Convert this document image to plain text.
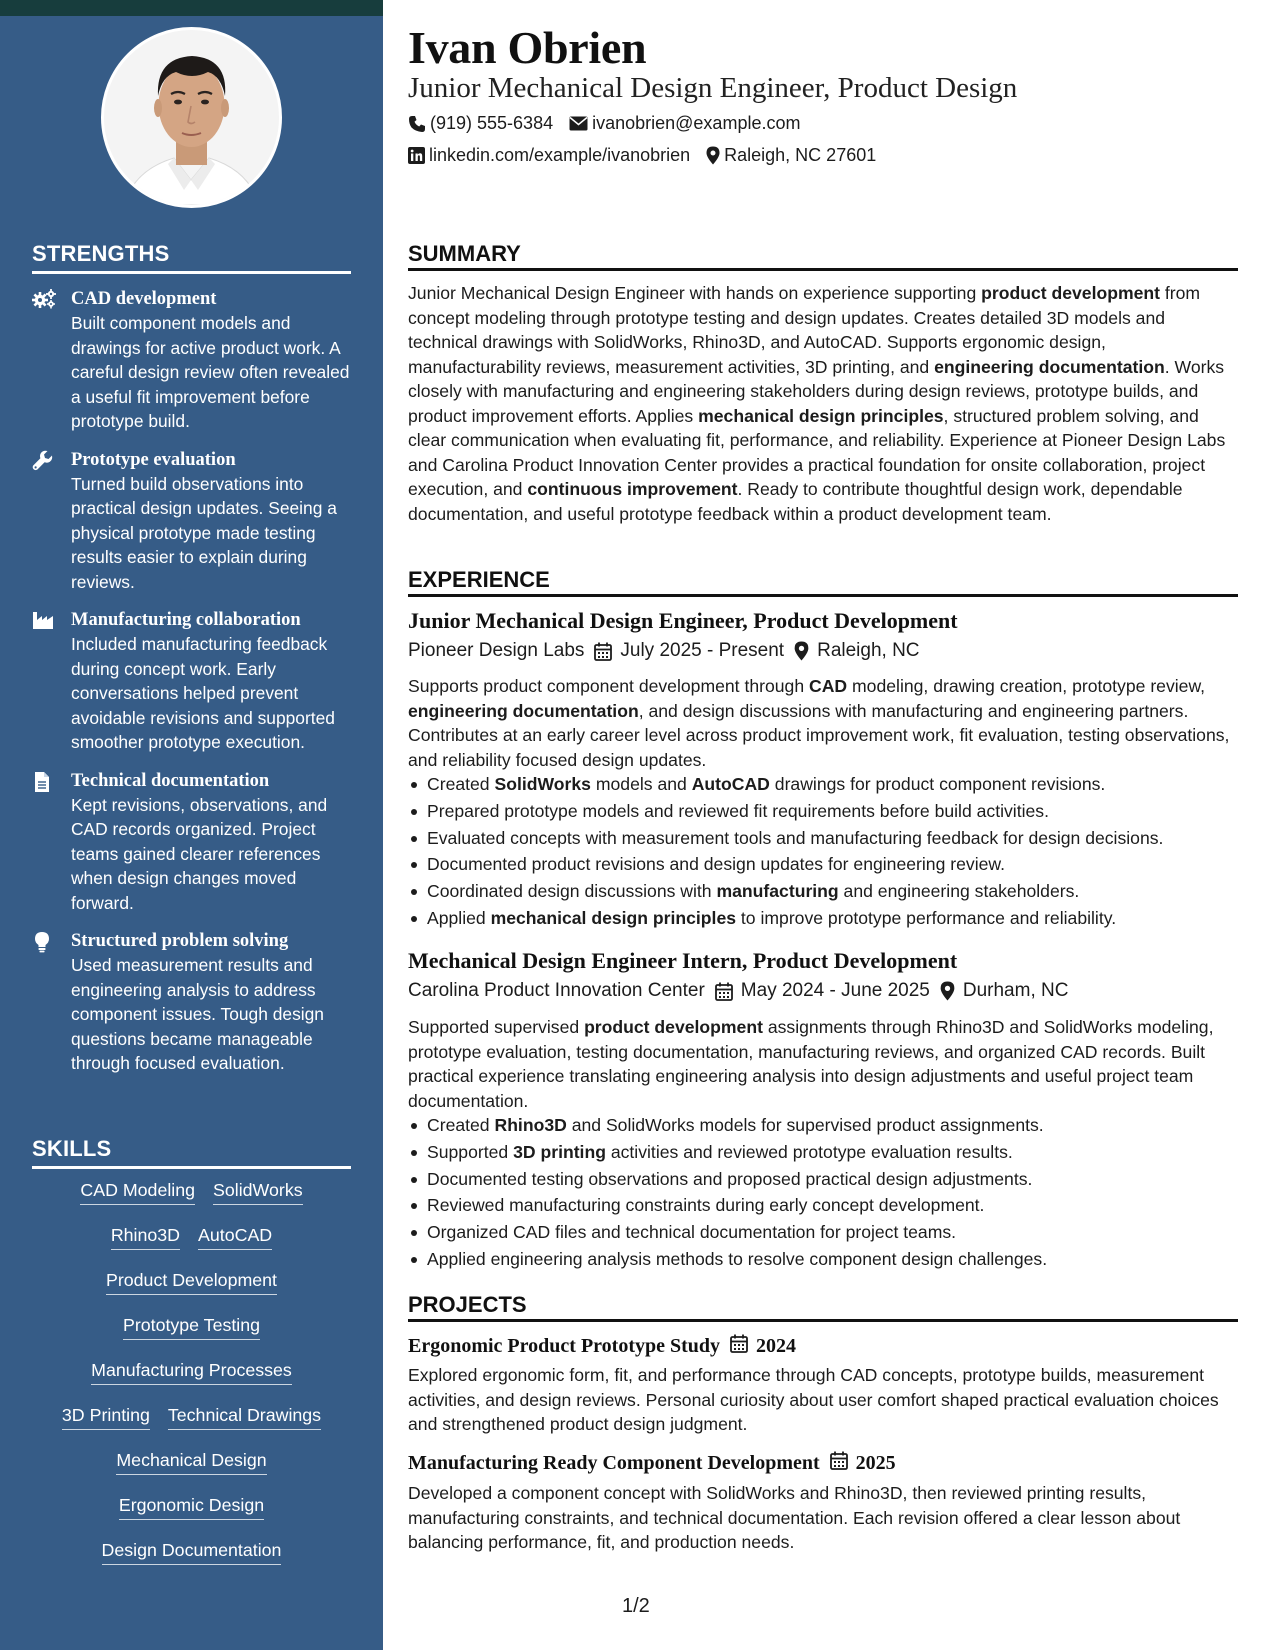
STRENGTHS
CAD development
Built component models and drawings for active product work. A careful design review often revealed a useful fit improvement before prototype build.
Prototype evaluation
Turned build observations into practical design updates. Seeing a physical prototype made testing results easier to explain during reviews.
Manufacturing collaboration
Included manufacturing feedback during concept work. Early conversations helped prevent avoidable revisions and supported smoother prototype execution.
Technical documentation
Kept revisions, observations, and CAD records organized. Project teams gained clearer references when design changes moved forward.
Structured problem solving
Used measurement results and engineering analysis to address component issues. Tough design questions became manageable through focused evaluation.
SKILLS
CAD Modeling SolidWorks
Rhino3D AutoCAD
Product Development
Prototype Testing
Manufacturing Processes
3D Printing Technical Drawings
Mechanical Design
Ergonomic Design
Design Documentation
Ivan Obrien
Junior Mechanical Design Engineer, Product Design
(919) 555-6384 ivanobrien@example.com
linkedin.com/example/ivanobrien Raleigh, NC 27601
SUMMARY
Junior Mechanical Design Engineer with hands on experience supporting product development from concept modeling through prototype testing and design updates. Creates detailed 3D models and technical drawings with SolidWorks, Rhino3D, and AutoCAD. Supports ergonomic design, manufacturability reviews, measurement activities, 3D printing, and engineering documentation. Works closely with manufacturing and engineering stakeholders during design reviews, prototype builds, and product improvement efforts. Applies mechanical design principles, structured problem solving, and clear communication when evaluating fit, performance, and reliability. Experience at Pioneer Design Labs and Carolina Product Innovation Center provides a practical foundation for onsite collaboration, project execution, and continuous improvement. Ready to contribute thoughtful design work, dependable documentation, and useful prototype feedback within a product development team.
EXPERIENCE
Junior Mechanical Design Engineer, Product Development
Pioneer Design Labs July 2025 - Present Raleigh, NC
Supports product component development through CAD modeling, drawing creation, prototype review, engineering documentation, and design discussions with manufacturing and engineering partners. Contributes at an early career level across product improvement work, fit evaluation, testing observations, and reliability focused design updates.
Created SolidWorks models and AutoCAD drawings for product component revisions.
Prepared prototype models and reviewed fit requirements before build activities.
Evaluated concepts with measurement tools and manufacturing feedback for design decisions.
Documented product revisions and design updates for engineering review.
Coordinated design discussions with manufacturing and engineering stakeholders.
Applied mechanical design principles to improve prototype performance and reliability.
Mechanical Design Engineer Intern, Product Development
Carolina Product Innovation Center May 2024 - June 2025 Durham, NC
Supported supervised product development assignments through Rhino3D and SolidWorks modeling, prototype evaluation, testing documentation, manufacturing reviews, and organized CAD records. Built practical experience translating engineering analysis into design adjustments and useful project team documentation.
Created Rhino3D and SolidWorks models for supervised product assignments.
Supported 3D printing activities and reviewed prototype evaluation results.
Documented testing observations and proposed practical design adjustments.
Reviewed manufacturing constraints during early concept development.
Organized CAD files and technical documentation for project teams.
Applied engineering analysis methods to resolve component design challenges.
PROJECTS
Ergonomic Product Prototype Study 2024
Explored ergonomic form, fit, and performance through CAD concepts, prototype builds, measurement activities, and design reviews. Personal curiosity about user comfort shaped practical evaluation choices and strengthened product design judgment.
Manufacturing Ready Component Development 2025
Developed a component concept with SolidWorks and Rhino3D, then reviewed printing results, manufacturing constraints, and technical documentation. Each revision offered a clear lesson about balancing performance, fit, and production needs.
1/2
